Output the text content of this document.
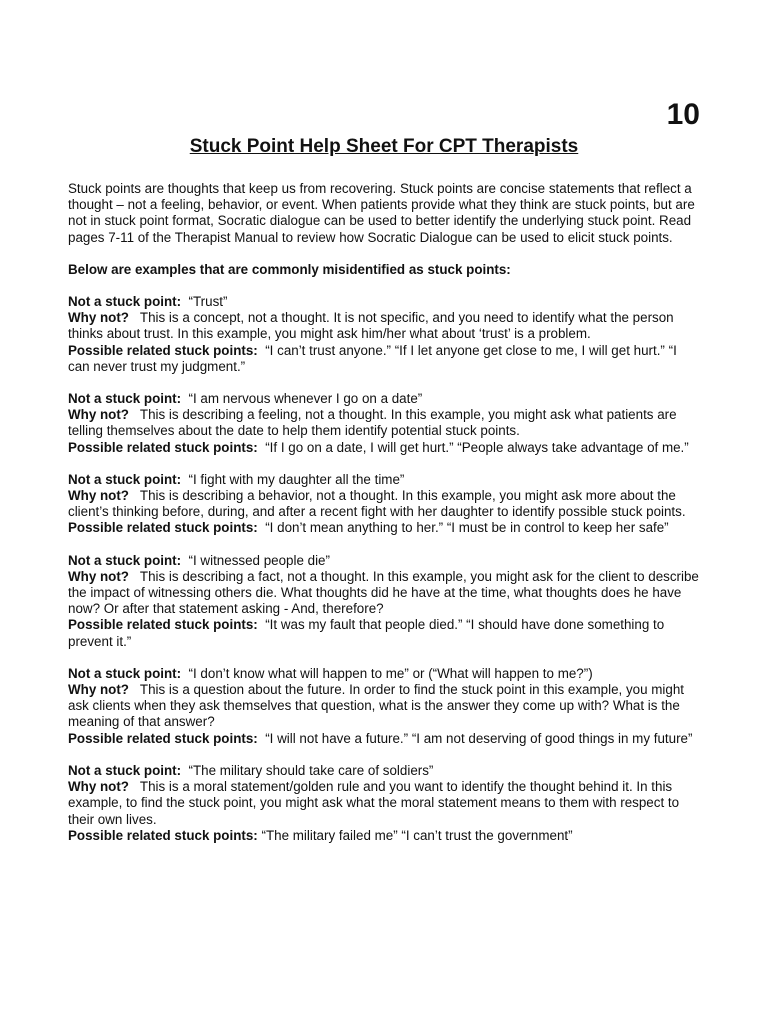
10
Stuck Point Help Sheet For CPT Therapists

Stuck points are thoughts that keep us from recovering. Stuck points are concise statements that reflect a thought – not a feeling, behavior, or event. When patients provide what they think are stuck points, but are not in stuck point format, Socratic dialogue can be used to better identify the underlying stuck point. Read pages 7-11 of the Therapist Manual to review how Socratic Dialogue can be used to elicit stuck points.

Below are examples that are commonly misidentified as stuck points:

Not a stuck point: “Trust”

Why not? This is a concept, not a thought. It is not specific, and you need to identify what the person thinks about trust. In this example, you might ask him/her what about ‘trust’ is a problem.

Possible related stuck points: “I can’t trust anyone.” “If I let anyone get close to me, I will get hurt.” “I can never trust my judgment.”

Not a stuck point: “I am nervous whenever I go on a date”

Why not? This is describing a feeling, not a thought. In this example, you might ask what patients are telling themselves about the date to help them identify potential stuck points.

Possible related stuck points: “If I go on a date, I will get hurt.” “People always take advantage of me.”

Not a stuck point: “I fight with my daughter all the time”

Why not? This is describing a behavior, not a thought. In this example, you might ask more about the client’s thinking before, during, and after a recent fight with her daughter to identify possible stuck points.

Possible related stuck points: “I don’t mean anything to her.” “I must be in control to keep her safe”

Not a stuck point: “I witnessed people die”

Why not? This is describing a fact, not a thought. In this example, you might ask for the client to describe the impact of witnessing others die. What thoughts did he have at the time, what thoughts does he have now? Or after that statement asking - And, therefore?

Possible related stuck points: “It was my fault that people died.” “I should have done something to prevent it.”

Not a stuck point: “I don’t know what will happen to me” or (“What will happen to me?”)

Why not? This is a question about the future. In order to find the stuck point in this example, you might ask clients when they ask themselves that question, what is the answer they come up with? What is the meaning of that answer?

Possible related stuck points: “I will not have a future.” “I am not deserving of good things in my future”

Not a stuck point: “The military should take care of soldiers”

Why not? This is a moral statement/golden rule and you want to identify the thought behind it. In this example, to find the stuck point, you might ask what the moral statement means to them with respect to their own lives.

Possible related stuck points: “The military failed me” “I can’t trust the government”
